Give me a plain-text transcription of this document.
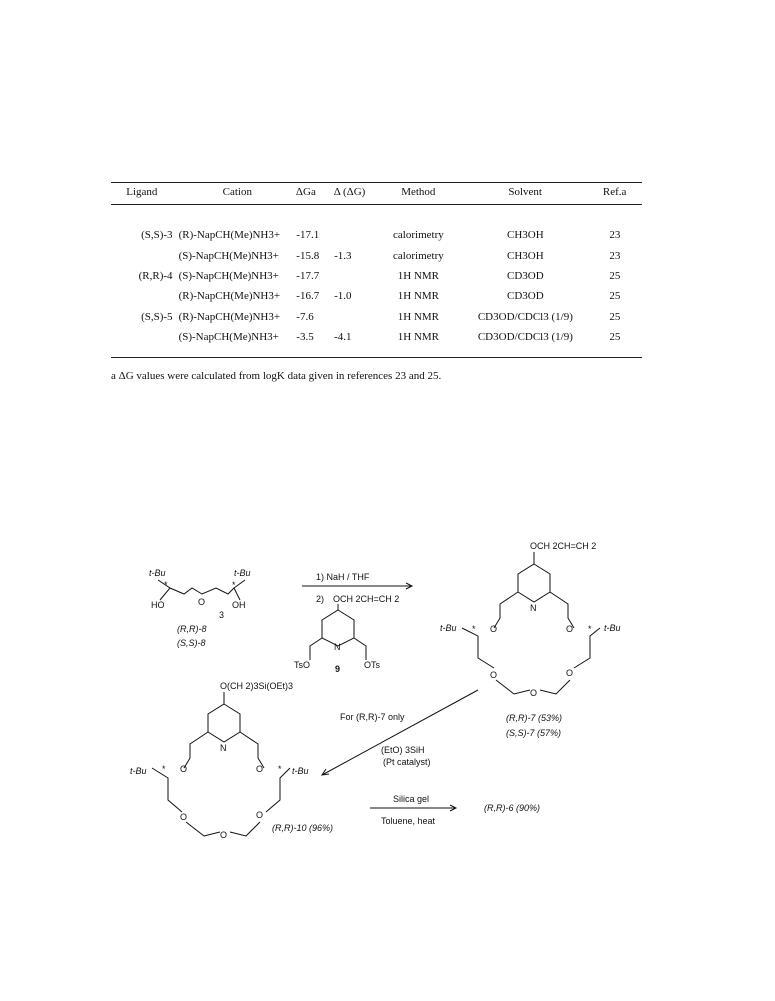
Ligand	Cation	ΔGa	Δ (ΔG)	Method	Solvent	Ref.a
(S,S)-3	(R)-NapCH(Me)NH3+	-17.1		calorimetry	CH3OH	23
	(S)-NapCH(Me)NH3+	-15.8	-1.3	calorimetry	CH3OH	23
(R,R)-4	(S)-NapCH(Me)NH3+	-17.7		1H NMR	CD3OD	25
	(R)-NapCH(Me)NH3+	-16.7	-1.0	1H NMR	CD3OD	25
(S,S)-5	(R)-NapCH(Me)NH3+	-7.6		1H NMR	CD3OD/CDCl3 (1/9)	25
	(S)-NapCH(Me)NH3+	-3.5	-4.1	1H NMR	CD3OD/CDCl3 (1/9)	25
a ΔG values were calculated from logK data given in references 23 and 25.
t-Bu	t-Bu
HO	OH
O
3
*	*
(R,R)-8
(S,S)-8
1) NaH / THF
2) OCH 2CH=CH 2
N
TsO	OTs
9
OCH 2CH=CH 2
N
O	O
t-Bu	t-Bu
*	*
O	O
O
(R,R)-7 (53%)
(S,S)-7 (57%)
For (R,R)-7 only
(EtO) 3SiH
(Pt catalyst)
O(CH 2)3Si(OEt)3
N
O	O
t-Bu	t-Bu
*	*
O	O
O
(R,R)-10 (96%)
Silica gel
Toluene, heat
(R,R)-6 (90%)
